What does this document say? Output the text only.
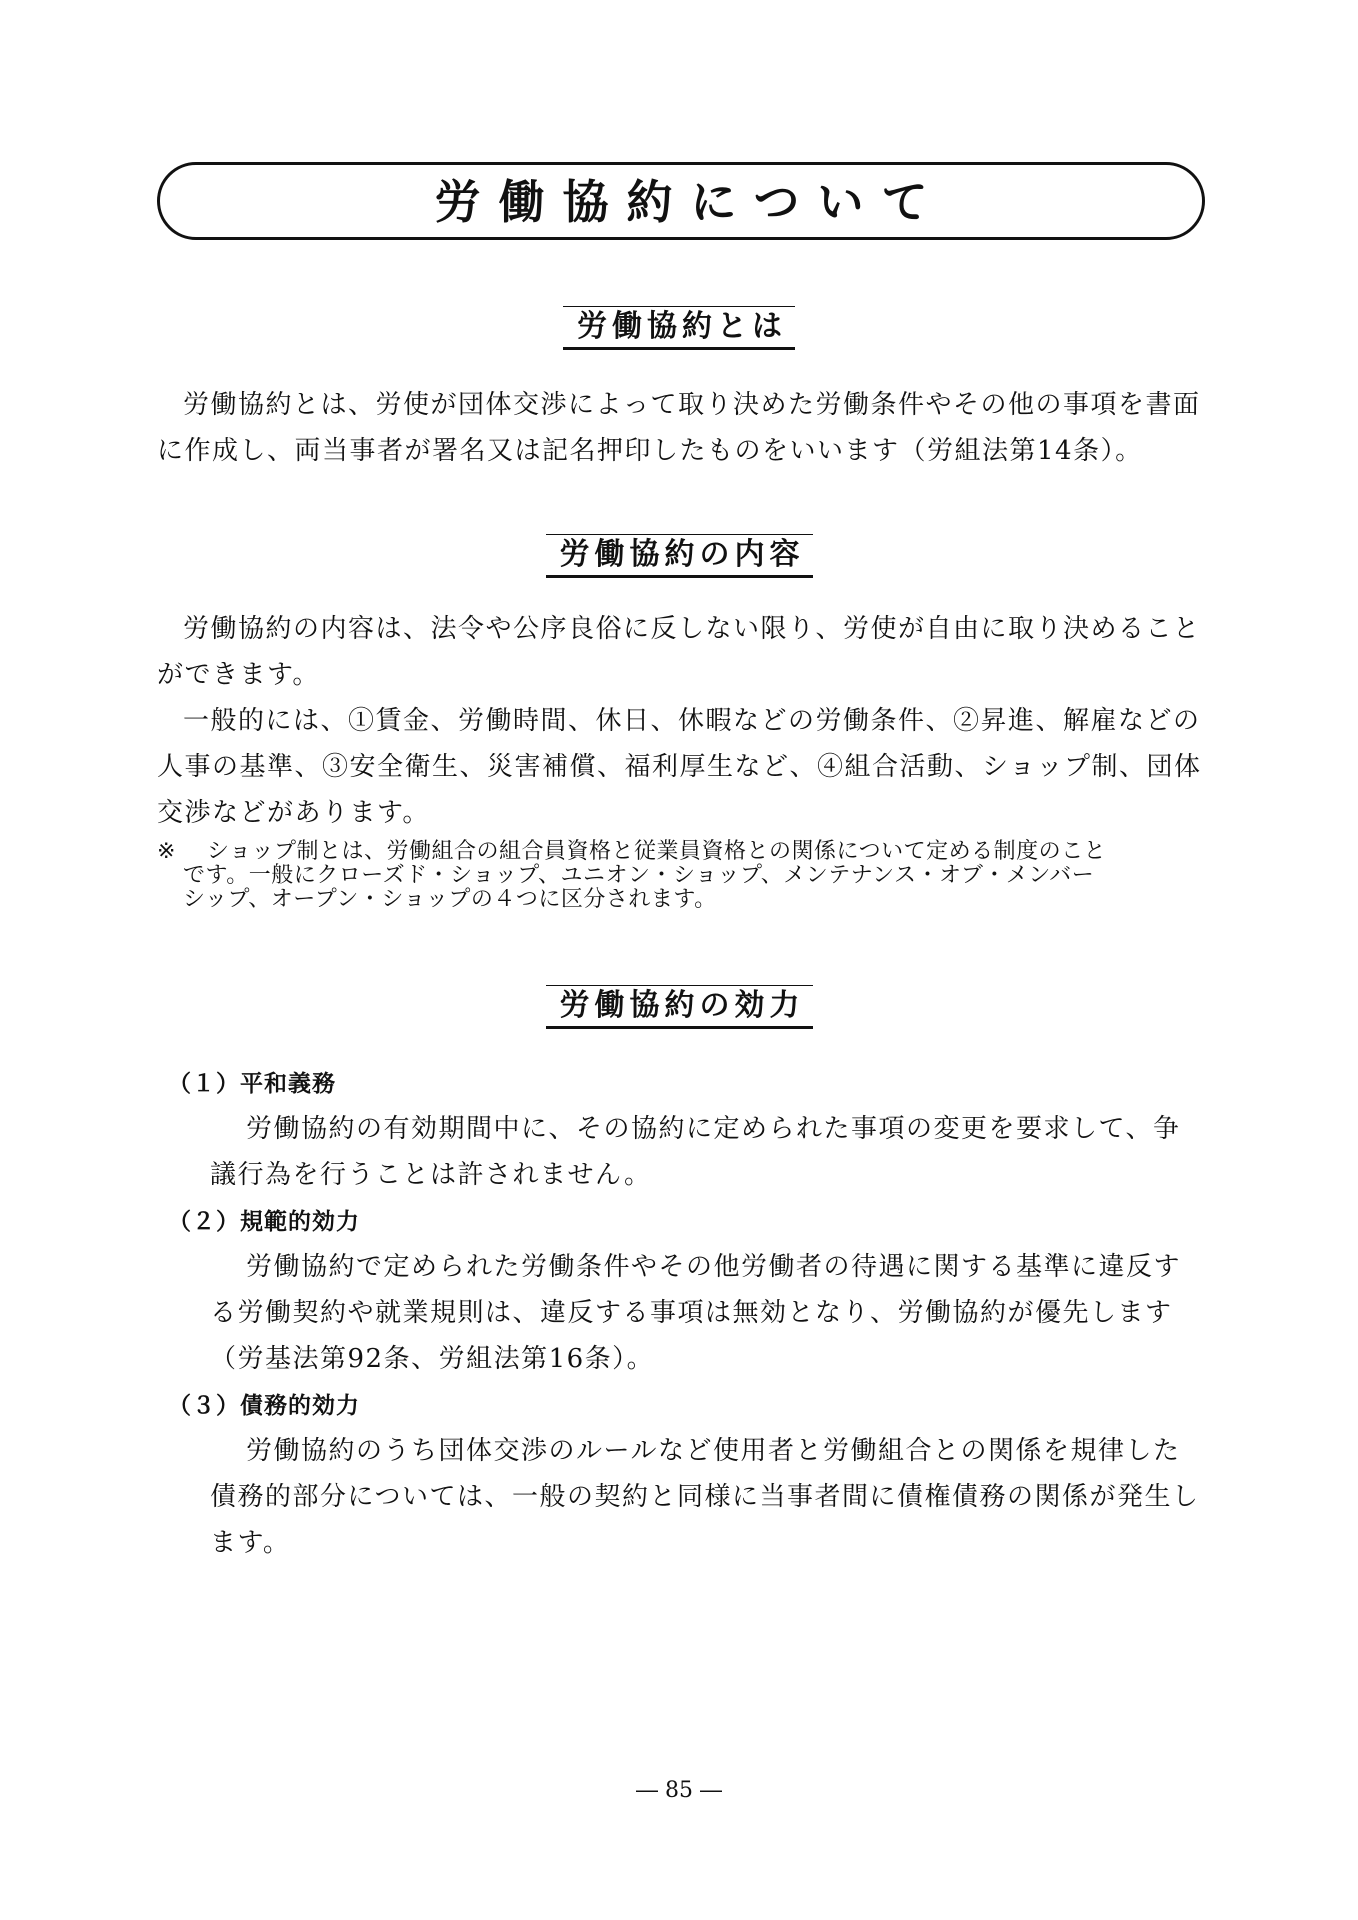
労働協約について
労働協約とは

労働協約とは、労使が団体交渉によって取り決めた労働条件やその他の事項を書面に作成し、両当事者が署名又は記名押印したものをいいます（労組法第14条）。

労働協約の内容

労働協約の内容は、法令や公序良俗に反しない限り、労使が自由に取り決めることができます。

一般的には、①賃金、労働時間、休日、休暇などの労働条件、②昇進、解雇などの人事の基準、③安全衛生、災害補償、福利厚生など、④組合活動、ショップ制、団体交渉などがあります。

※	ショップ制とは、労働組合の組合員資格と従業員資格との関係について定める制度のこと
です。一般にクローズド・ショップ、ユニオン・ショップ、メンテナンス・オブ・メンバー
シップ、オープン・ショップの４つに区分されます。
労働協約の効力
（１）平和義務

労働協約の有効期間中に、その協約に定められた事項の変更を要求して、争議行為を行うことは許されません。

（２）規範的効力

労働協約で定められた労働条件やその他労働者の待遇に関する基準に違反する労働契約や就業規則は、違反する事項は無効となり、労働協約が優先します（労基法第92条、労組法第16条）。

（３）債務的効力

労働協約のうち団体交渉のルールなど使用者と労働組合との関係を規律した債務的部分については、一般の契約と同様に当事者間に債権債務の関係が発生します。

― 85 ―
